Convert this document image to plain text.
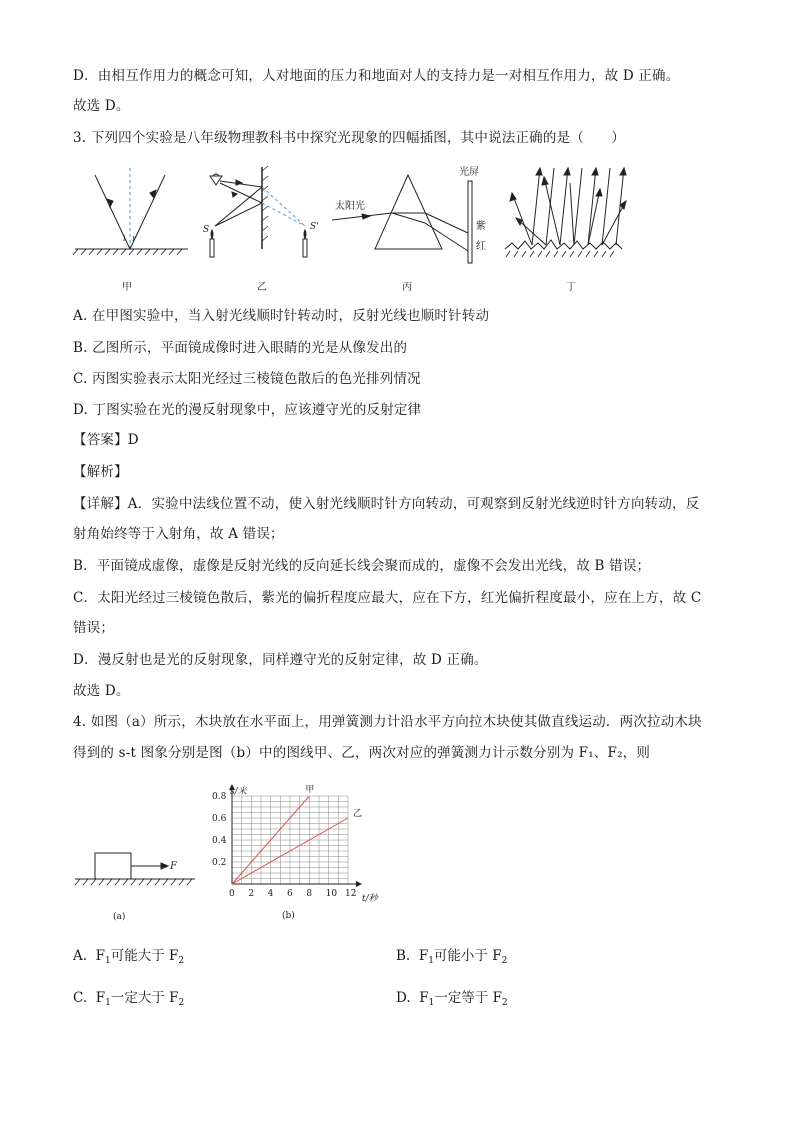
D．由相互作用力的概念可知，人对地面的压力和地面对人的支持力是一对相互作用力，故 D 正确。
故选 D。
3. 下列四个实验是八年级物理教科书中探究光现象的四幅插图，其中说法正确的是（　　）
i r
S	S'
太阳光
光屏
紫
红
甲	乙	丙	丁
A. 在甲图实验中，当入射光线顺时针转动时，反射光线也顺时针转动
B. 乙图所示，平面镜成像时进入眼睛的光是从像发出的
C. 丙图实验表示太阳光经过三棱镜色散后的色光排列情况
D. 丁图实验在光的漫反射现象中，应该遵守光的反射定律
【答案】D
【解析】
【详解】A．实验中法线位置不动，使入射光线顺时针方向转动，可观察到反射光线逆时针方向转动，反
射角始终等于入射角，故 A 错误；
B．平面镜成虚像，虚像是反射光线的反向延长线会聚而成的，虚像不会发出光线，故 B 错误；
C．太阳光经过三棱镜色散后，紫光的偏折程度应最大，应在下方，红光偏折程度最小，应在上方，故 C
错误；
D．漫反射也是光的反射现象，同样遵守光的反射定律，故 D 正确。
故选 D。
4. 如图（a）所示，木块放在水平面上，用弹簧测力计沿水平方向拉木块使其做直线运动．两次拉动木块
得到的 s-t 图象分别是图（b）中的图线甲、乙，两次对应的弹簧测力计示数分别为 F₁、F₂，则
F
(a)
0 2 4 6 8 10 12
0.2
0.4
0.6
0.8
甲
乙
s/米
t/秒
(b)
A. $F_1$可能大于 $F_2$	B. $F_1$可能小于 $F_2$
C. $F_1$一定大于 $F_2$	D. $F_1$一定等于 $F_2$
